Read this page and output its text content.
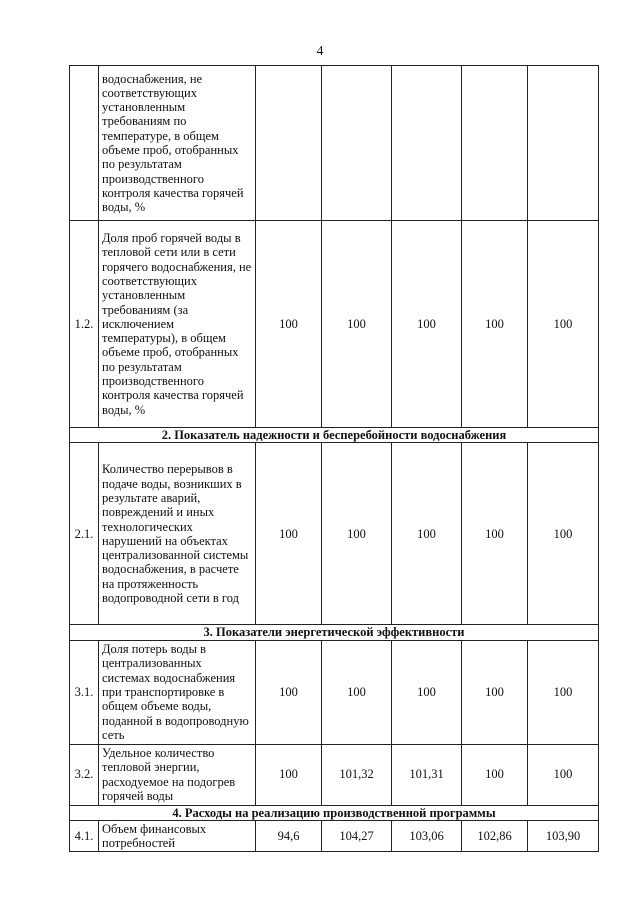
4
	водоснабжения, не соответствующих установленным требованиям по температуре, в общем объеме проб, отобранных по результатам производственного контроля качества горячей воды, %					
1.2.	Доля проб горячей воды в тепловой сети или в сети горячего водоснабжения, не соответствующих установленным требованиям (за исключением температуры), в общем объеме проб, отобранных по результатам производственного контроля качества горячей воды, %	100	100	100	100	100
2. Показатель надежности и бесперебойности водоснабжения						
2.1.	Количество перерывов в подаче воды, возникших в результате аварий, повреждений и иных технологических нарушений на объектах централизованной системы водоснабжения, в расчете на протяженность водопроводной сети в год	100	100	100	100	100
3. Показатели энергетической эффективности						
3.1.	Доля потерь воды в централизованных системах водоснабжения при транспортировке в общем объеме воды, поданной в водопроводную сеть	100	100	100	100	100
3.2.	Удельное количество тепловой энергии, расходуемое на подогрев горячей воды	100	101,32	101,31	100	100
4. Расходы на реализацию производственной программы						
4.1.	Объем финансовых потребностей	94,6	104,27	103,06	102,86	103,90
